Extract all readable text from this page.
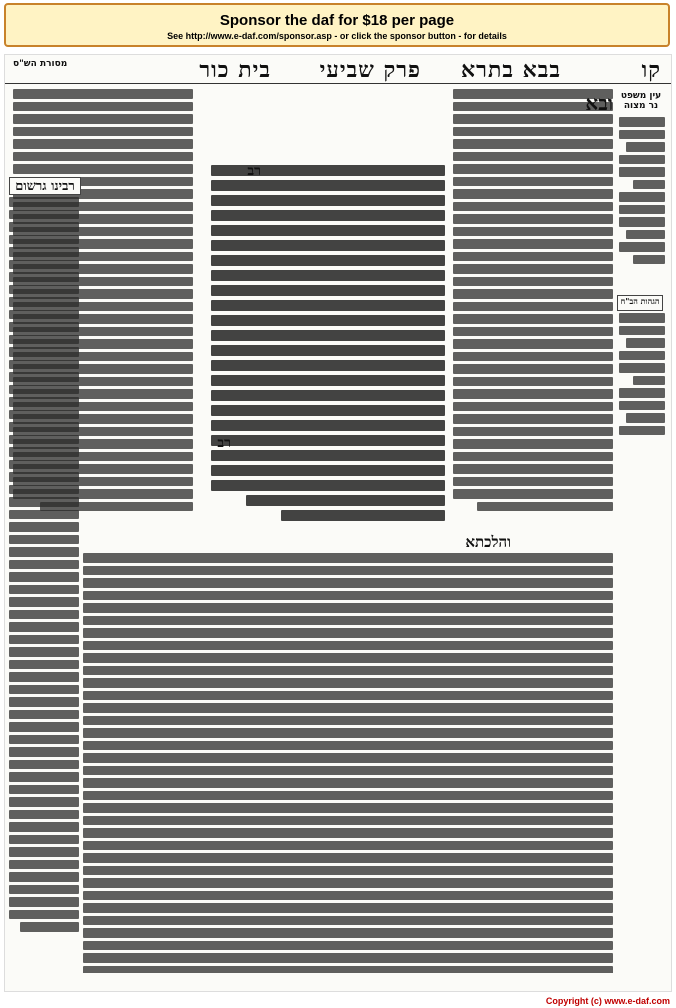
Sponsor the daf for $18 per page
See http://www.e-daf.com/sponsor.asp - or click the sponsor button - for details
קו
בבא בתרא
פרק שביעי
בית כור
עין משפט
נר מצוה
מסורת הש"ס
הגהות הב"ח
ובא
רב
רב
רבינו גרשום
והלכתא
Copyright (c) www.e-daf.com
